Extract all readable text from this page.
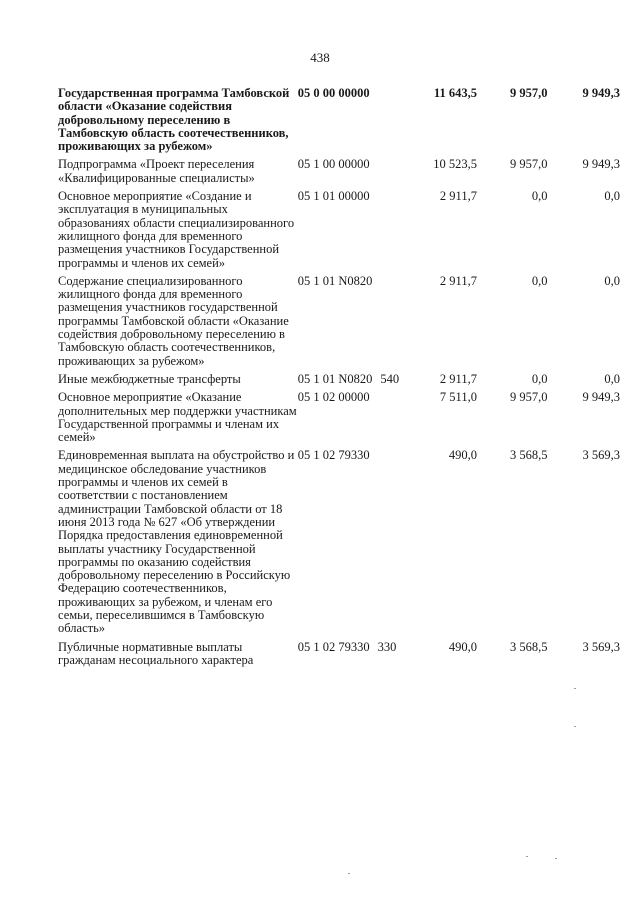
438
Государственная программа Тамбовской области «Оказание содействия добровольному переселению в Тамбовскую область соотечественников, проживающих за рубежом»	05 0 00 00000	11 643,5	9 957,0	9 949,3
Подпрограмма «Проект переселения «Квалифицированные специалисты»	05 1 00 00000	10 523,5	9 957,0	9 949,3
Основное мероприятие «Создание и эксплуатация в муниципальных образованиях области специализированного жилищного фонда для временного размещения участников Государственной программы и членов их семей»	05 1 01 00000	2 911,7	0,0	0,0
Содержание специализированного жилищного фонда для временного размещения участников государственной программы Тамбовской области «Оказание содействия добровольному переселению в Тамбовскую область соотечественников, проживающих за рубежом»	05 1 01 N0820	2 911,7	0,0	0,0
Иные межбюджетные трансферты	05 1 01 N0820 540	2 911,7	0,0	0,0
Основное мероприятие «Оказание дополнительных мер поддержки участникам Государственной программы и членам их семей»	05 1 02 00000	7 511,0	9 957,0	9 949,3
Единовременная выплата на обустройство и медицинское обследование участников программы и членов их семей в соответствии с постановлением администрации Тамбовской области от 18 июня 2013 года № 627 «Об утверждении Порядка предоставления единовременной выплаты участнику Государственной программы по оказанию содействия добровольному переселению в Российскую Федерацию соотечественников, проживающих за рубежом, и членам его семьи, переселившимся в Тамбовскую область»	05 1 02 79330	490,0	3 568,5	3 569,3
Публичные нормативные выплаты гражданам несоциального характера	05 1 02 79330 330	490,0	3 568,5	3 569,3
